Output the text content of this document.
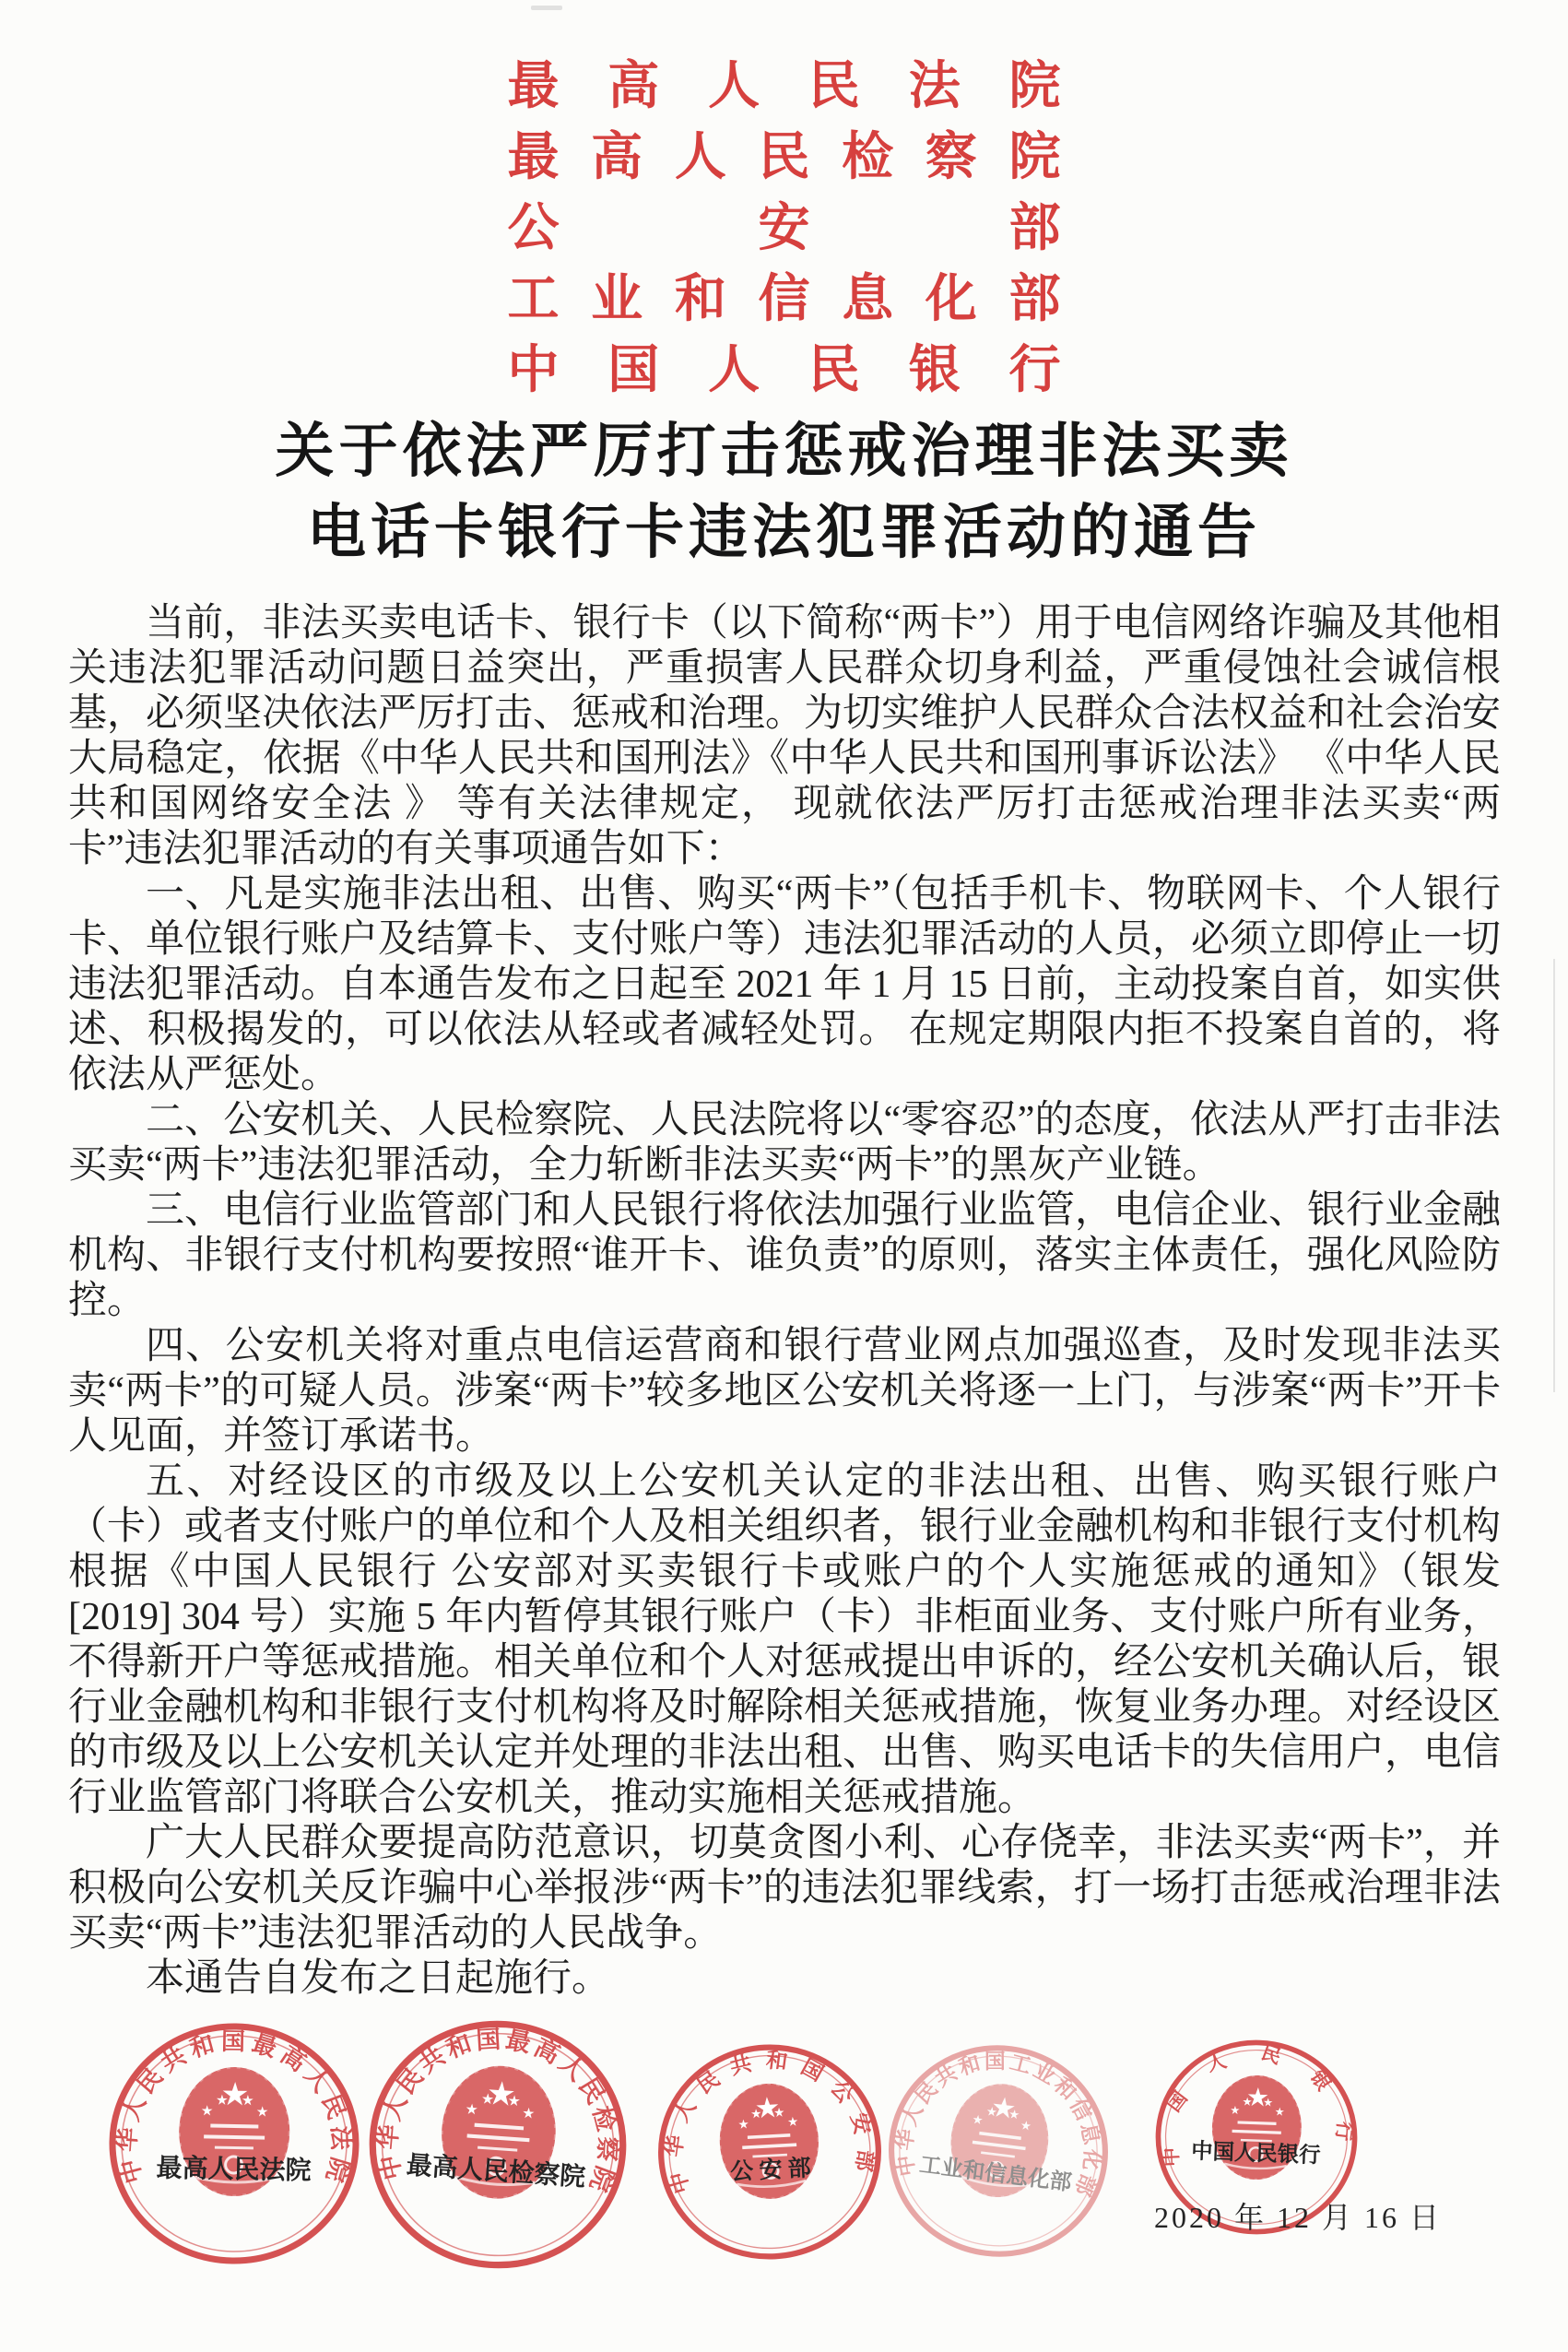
最 高 人 民 法 院
最 高 人 民 检 察 院
公	安	部
工 业 和 信 息 化 部
中 国 人 民 银 行
关于依法严厉打击惩戒治理非法买卖
电话卡银行卡违法犯罪活动的通告

当前，非法买卖电话卡、银行卡（以下简称“两卡”）用于电信网络诈骗及其他相关违法犯罪活动问题日益突出，严重损害人民群众切身利益，严重侵蚀社会诚信根基，必须坚决依法严厉打击、惩戒和治理。为切实维护人民群众合法权益和社会治安大局稳定，依据《中华人民共和国刑法》《中华人民共和国刑事诉讼法》 《中华人民共和国网络安全法 》 等有关法律规定， 现就依法严厉打击惩戒治理非法买卖“两卡”违法犯罪活动的有关事项通告如下：

一、凡是实施非法出租、出售、购买“两卡”（包括手机卡、物联网卡、个人银行卡、单位银行账户及结算卡、支付账户等）违法犯罪活动的人员，必须立即停止一切违法犯罪活动。自本通告发布之日起至 2021 年 1 月 15 日前，主动投案自首，如实供述、积极揭发的，可以依法从轻或者减轻处罚。 在规定期限内拒不投案自首的，将依法从严惩处。

二、公安机关、人民检察院、人民法院将以“零容忍”的态度，依法从严打击非法买卖“两卡”违法犯罪活动，全力斩断非法买卖“两卡”的黑灰产业链。

三、电信行业监管部门和人民银行将依法加强行业监管，电信企业、银行业金融机构、非银行支付机构要按照“谁开卡、谁负责”的原则，落实主体责任，强化风险防控。

四、公安机关将对重点电信运营商和银行营业网点加强巡查，及时发现非法买卖“两卡”的可疑人员。涉案“两卡”较多地区公安机关将逐一上门，与涉案“两卡”开卡人见面，并签订承诺书。

五、对经设区的市级及以上公安机关认定的非法出租、出售、购买银行账户（卡）或者支付账户的单位和个人及相关组织者，银行业金融机构和非银行支付机构根据《中国人民银行 公安部对买卖银行卡或账户的个人实施惩戒的通知》（银发[2019] 304 号）实施 5 年内暂停其银行账户（卡）非柜面业务、支付账户所有业务，不得新开户等惩戒措施。相关单位和个人对惩戒提出申诉的，经公安机关确认后，银行业金融机构和非银行支付机构将及时解除相关惩戒措施，恢复业务办理。对经设区的市级及以上公安机关认定并处理的非法出租、出售、购买电话卡的失信用户，电信行业监管部门将联合公安机关，推动实施相关惩戒措施。

广大人民群众要提高防范意识，切莫贪图小利、心存侥幸，非法买卖“两卡”，并积极向公安机关反诈骗中心举报涉“两卡”的违法犯罪线索，打一场打击惩戒治理非法买卖“两卡”违法犯罪活动的人民战争。

本通告自发布之日起施行。

中华人民共和国最高人民法院
最高人民法院	中华人民共和国最高人民检察院
最高人民检察院	中华人民共和国公安部
公 安 部	中华人民共和国工业和信息化部
工业和信息化部
中国人民银行
中国人民银行
2020 年 12 月 16 日
